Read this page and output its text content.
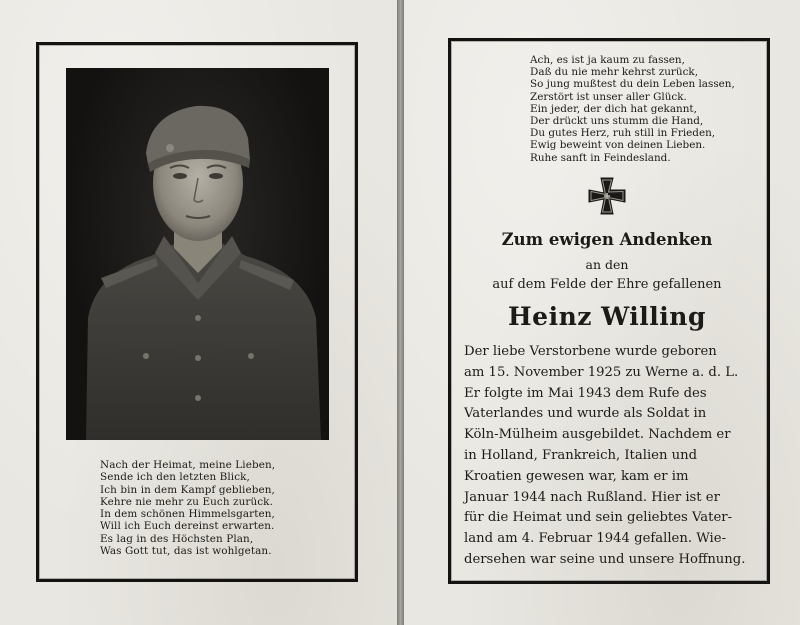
Nach der Heimat, meine Lieben,
Sende ich den letzten Blick,
Ich bin in dem Kampf geblieben,
Kehre nie mehr zu Euch zurück.
In dem schönen Himmelsgarten,
Will ich Euch dereinst erwarten.
Es lag in des Höchsten Plan,
Was Gott tut, das ist wohlgetan.
Ach, es ist ja kaum zu fassen,
Daß du nie mehr kehrst zurück,
So jung mußtest du dein Leben lassen,
Zerstört ist unser aller Glück.
Ein jeder, der dich hat gekannt,
Der drückt uns stumm die Hand,
Du gutes Herz, ruh still in Frieden,
Ewig beweint von deinen Lieben.
Ruhe sanft in Feindesland.
Zum ewigen Andenken
an den
auf dem Felde der Ehre gefallenen
Heinz Willing
Der liebe Verstorbene wurde geboren
am 15. November 1925 zu Werne a. d. L.
Er folgte im Mai 1943 dem Rufe des
Vaterlandes und wurde als Soldat in
Köln-Mülheim ausgebildet. Nachdem er
in Holland, Frankreich, Italien und
Kroatien gewesen war, kam er im
Januar 1944 nach Rußland. Hier ist er
für die Heimat und sein geliebtes Vater-
land am 4. Februar 1944 gefallen. Wie-
dersehen war seine und unsere Hoffnung.
